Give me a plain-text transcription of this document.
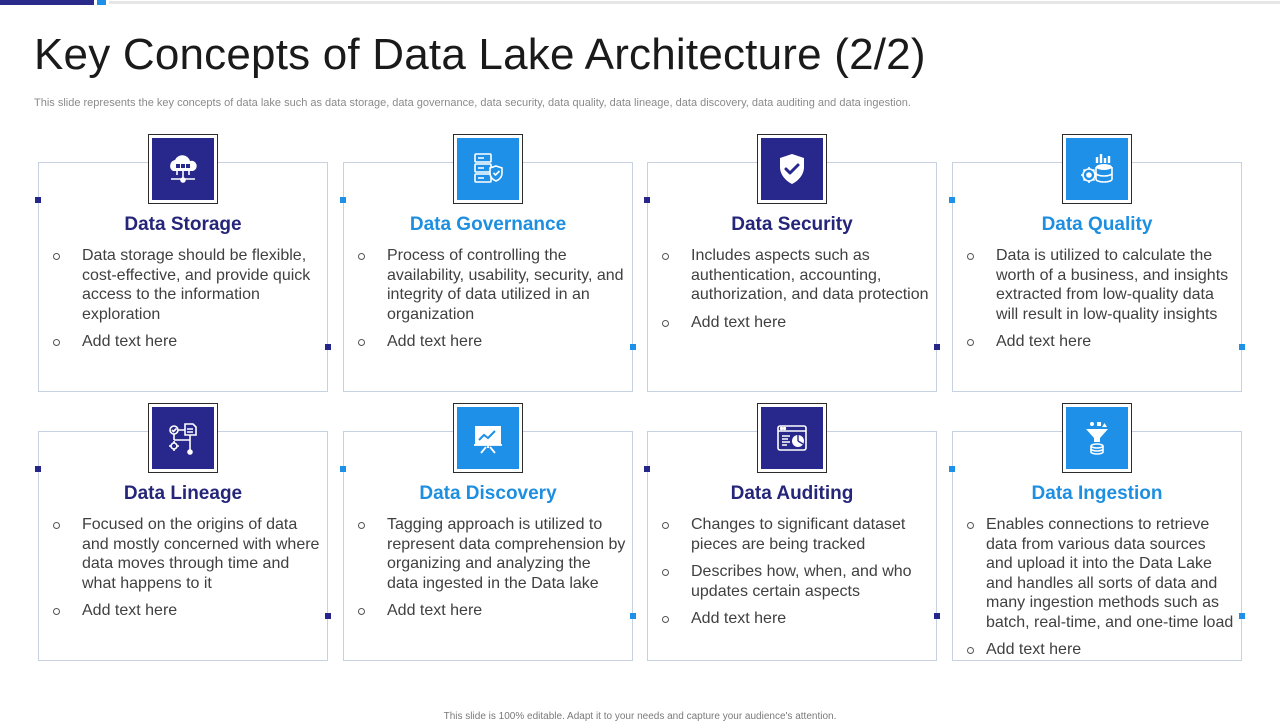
Key Concepts of Data Lake Architecture (2/2)

This slide represents the key concepts of data lake such as data storage, data governance, data security, data quality, data lineage, data discovery, data auditing and data ingestion.

Data Storage
Data storage should be flexible, cost-effective, and provide quick access to the information exploration
Add text here
Data Governance
Process of controlling the availability, usability, security, and integrity of data utilized in an organization
Add text here
Data Security
Includes aspects such as authentication, accounting, authorization, and data protection
Add text here
Data Quality
Data is utilized to calculate the worth of a business, and insights extracted from low-quality data will result in low-quality insights
Add text here
Data Lineage
Focused on the origins of data and mostly concerned with where data moves through time and what happens to it
Add text here
Data Discovery
Tagging approach is utilized to represent data comprehension by organizing and analyzing the data ingested in the Data lake
Add text here
Data Auditing
Changes to significant dataset pieces are being tracked
Describes how, when, and who updates certain aspects
Add text here
Data Ingestion
Enables connections to retrieve data from various data sources and upload it into the Data Lake and handles all sorts of data and many ingestion methods such as batch, real-time, and one-time load
Add text here

This slide is 100% editable. Adapt it to your needs and capture your audience's attention.
